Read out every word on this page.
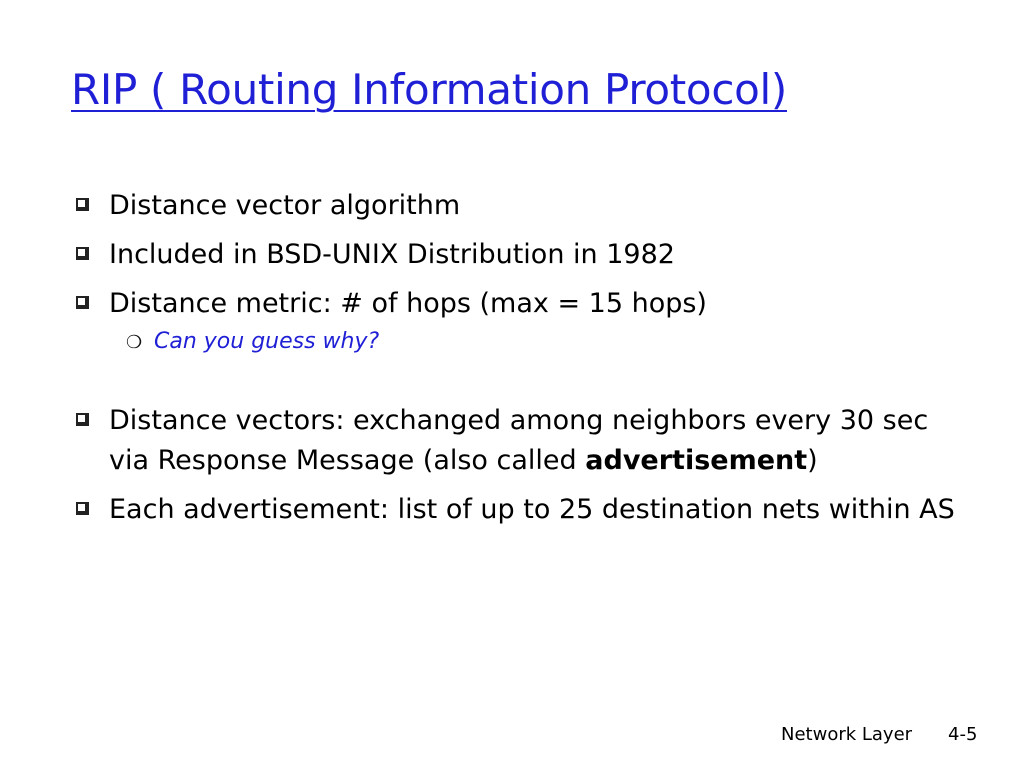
RIP ( Routing Information Protocol)
Distance vector algorithm
Included in BSD-UNIX Distribution in 1982
Distance metric: # of hops (max = 15 hops)
❍ Can you guess why?
Distance vectors: exchanged among neighbors every 30 sec via Response Message (also called advertisement)
Each advertisement: list of up to 25 destination nets within AS
Network Layer 4-5
